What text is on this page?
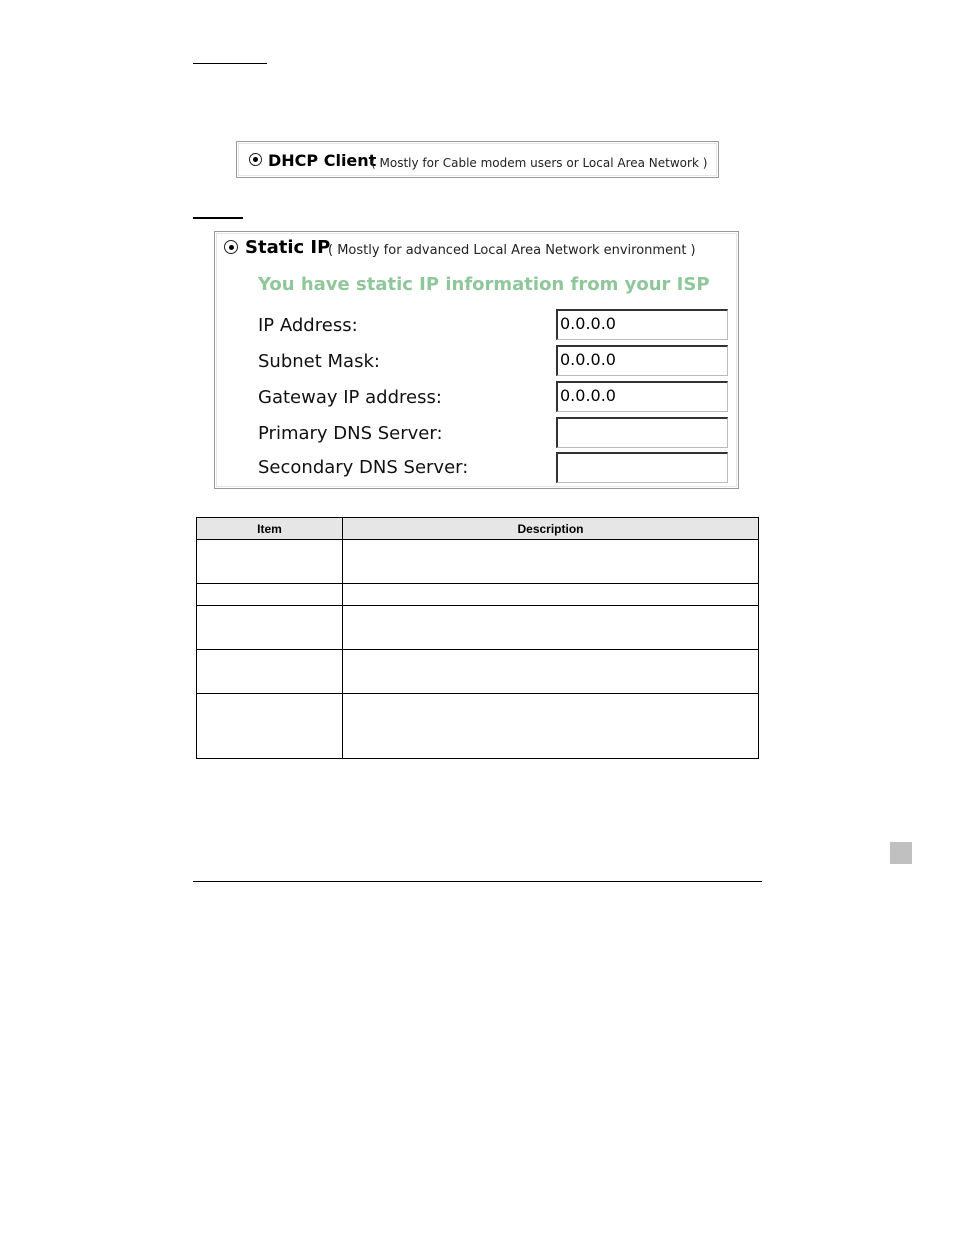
DHCP Client
( Mostly for Cable modem users or Local Area Network )
Static IP
( Mostly for advanced Local Area Network environment )
You have static IP information from your ISP
IP Address:	0.0.0.0
Subnet Mask:	0.0.0.0
Gateway IP address:	0.0.0.0
Primary DNS Server:
Secondary DNS Server:
Item	Description
